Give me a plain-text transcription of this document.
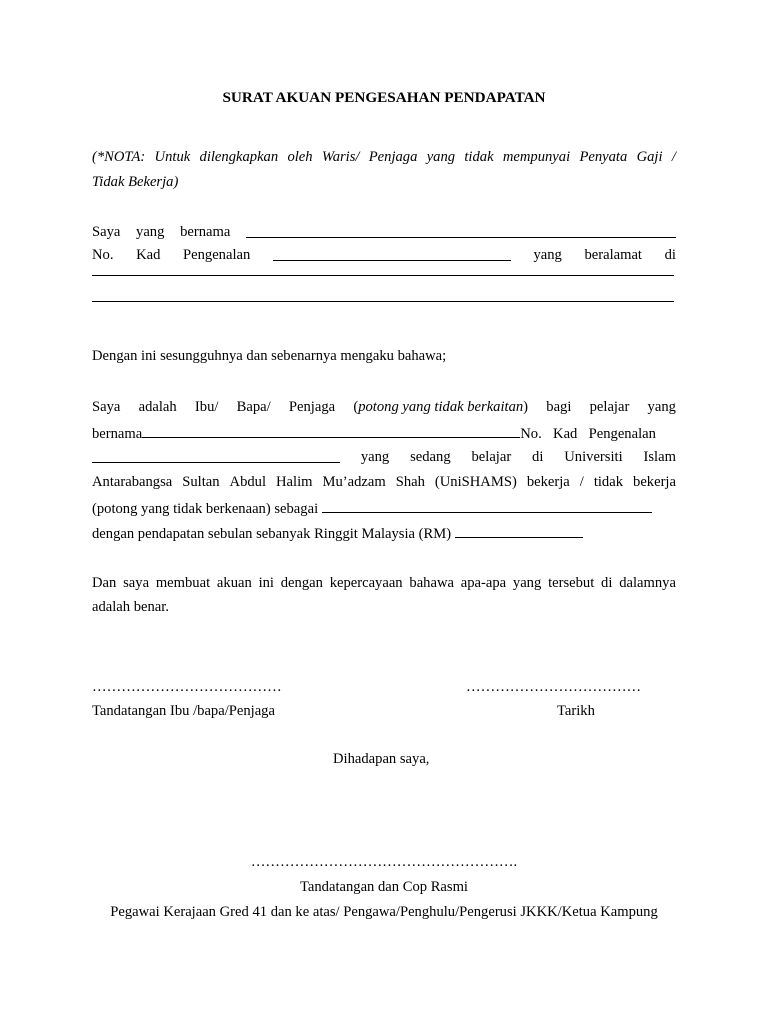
SURAT AKUAN PENGESAHAN PENDAPATAN
(*NOTA: Untuk dilengkapkan oleh Waris/ Penjaga yang tidak mempunyai Penyata Gaji /
Tidak Bekerja)
Saya yang bernama
No. Kad Pengenalan	yang beralamat di
Dengan ini sesungguhnya dan sebenarnya mengaku bahawa;
Saya adalah Ibu/ Bapa/ Penjaga (potong yang tidak berkaitan) bagi pelajar yang
bernama	No.  Kad  Pengenalan
yang sedang belajar di Universiti Islam
Antarabangsa Sultan Abdul Halim Mu’adzam Shah (UniSHAMS) bekerja / tidak bekerja
(potong yang tidak berkenaan) sebagai
dengan pendapatan sebulan sebanyak Ringgit Malaysia (RM)
Dan saya membuat akuan ini dengan kepercayaan bahawa apa-apa yang tersebut di dalamnya
adalah benar.
…………………………………	………………………………
Tandatangan Ibu /bapa/Penjaga	Tarikh
Dihadapan saya,
……………………………………………….
Tandatangan dan Cop Rasmi
Pegawai Kerajaan Gred 41 dan ke atas/ Pengawa/Penghulu/Pengerusi JKKK/Ketua Kampung
